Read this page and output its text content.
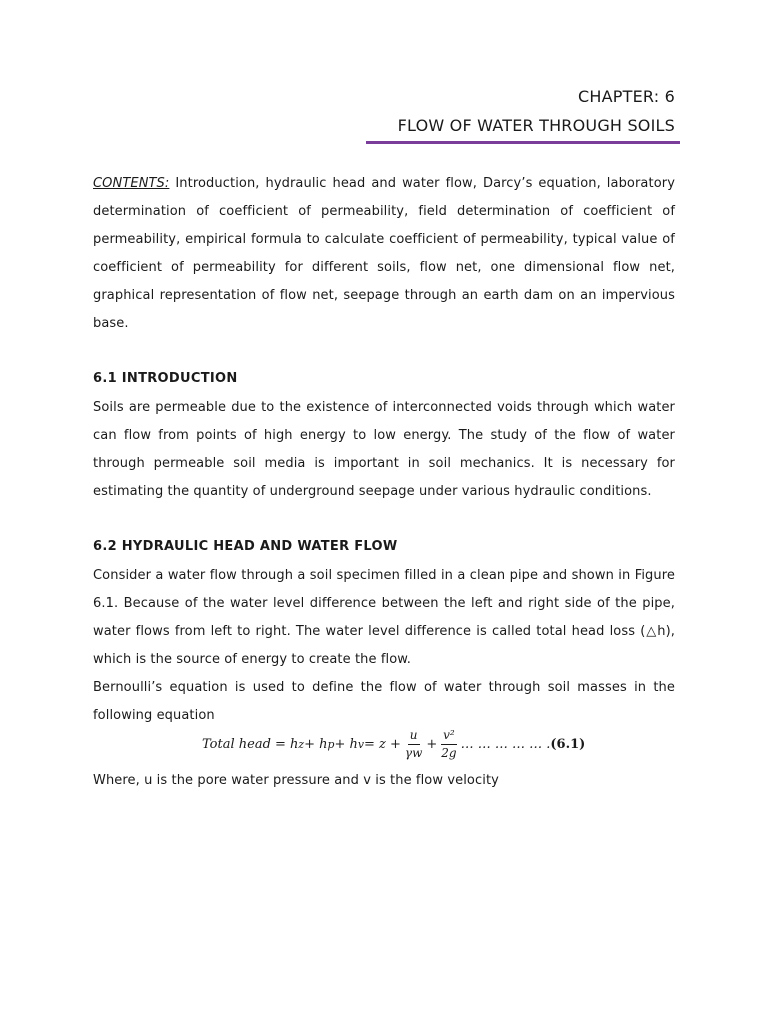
CHAPTER: 6
FLOW OF WATER THROUGH SOILS
CONTENTS: Introduction, hydraulic head and water flow, Darcy’s equation, laboratory determination of coefficient of permeability, field determination of coefficient of permeability, empirical formula to calculate coefficient of permeability, typical value of coefficient of permeability for different soils, flow net, one dimensional flow net, graphical representation of flow net, seepage through an earth dam on an impervious base.
6.1 INTRODUCTION
Soils are permeable due to the existence of interconnected voids through which water can flow from points of high energy to low energy. The study of the flow of water through permeable soil media is important in soil mechanics. It is necessary for estimating the quantity of underground seepage under various hydraulic conditions.
6.2 HYDRAULIC HEAD AND WATER FLOW
Consider a water flow through a soil specimen filled in a clean pipe and shown in Figure 6.1. Because of the water level difference between the left and right side of the pipe, water flows from left to right. The water level difference is called total head loss (△h), which is the source of energy to create the flow.
Bernoulli’s equation is used to define the flow of water through soil masses in the following equation
Total head = h z + h p + h $v = z + \frac{u}{\gamma w} + \frac{\text{v²}}{2g}$ … … … … … . (6.1)
Where, u is the pore water pressure and v is the flow velocity
